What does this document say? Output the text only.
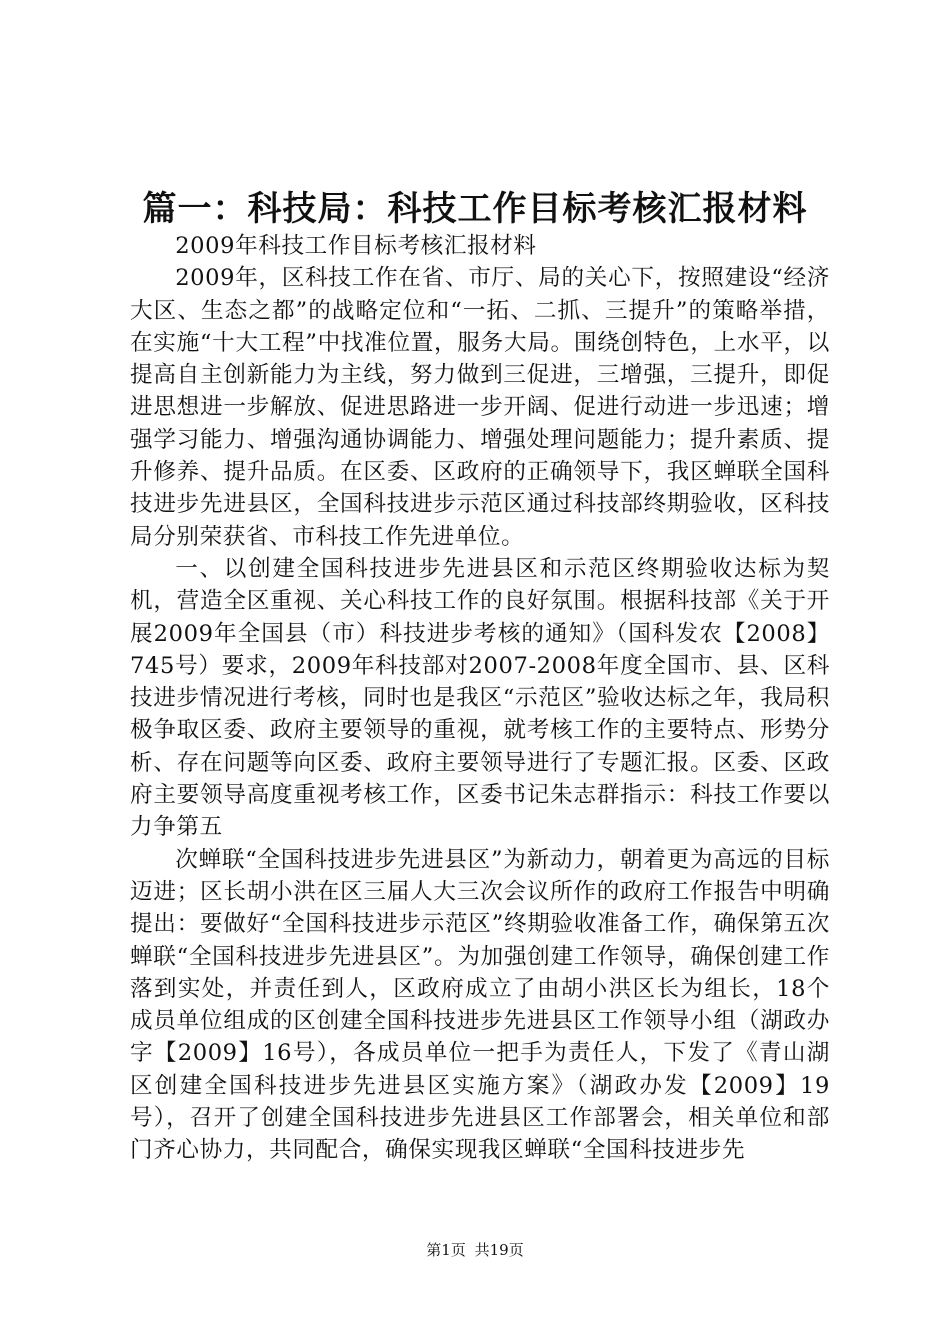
篇一：科技局：科技工作目标考核汇报材料

2009年科技工作目标考核汇报材料

2009年，区科技工作在省、市厅、局的关心下，按照建设“经济大区、生态之都”的战略定位和“一拓、二抓、三提升”的策略举措，在实施“十大工程”中找准位置，服务大局。围绕创特色，上水平，以提高自主创新能力为主线，努力做到三促进，三增强，三提升，即促进思想进一步解放、促进思路进一步开阔、促进行动进一步迅速；增强学习能力、增强沟通协调能力、增强处理问题能力；提升素质、提升修养、提升品质。在区委、区政府的正确领导下，我区蝉联全国科技进步先进县区，全国科技进步示范区通过科技部终期验收，区科技局分别荣获省、市科技工作先进单位。

一、以创建全国科技进步先进县区和示范区终期验收达标为契机，营造全区重视、关心科技工作的良好氛围。根据科技部《关于开展2009年全国县（市）科技进步考核的通知》（国科发农【2008】745号）要求，2009年科技部对2007-2008年度全国市、县、区科技进步情况进行考核，同时也是我区“示范区”验收达标之年，我局积极争取区委、政府主要领导的重视，就考核工作的主要特点、形势分析、存在问题等向区委、政府主要领导进行了专题汇报。区委、区政府主要领导高度重视考核工作，区委书记朱志群指示：科技工作要以力争第五

次蝉联“全国科技进步先进县区”为新动力，朝着更为高远的目标迈进；区长胡小洪在区三届人大三次会议所作的政府工作报告中明确提出：要做好“全国科技进步示范区”终期验收准备工作，确保第五次蝉联“全国科技进步先进县区”。为加强创建工作领导，确保创建工作落到实处，并责任到人，区政府成立了由胡小洪区长为组长，18个成员单位组成的区创建全国科技进步先进县区工作领导小组（湖政办字【2009】16号），各成员单位一把手为责任人，下发了《青山湖区创建全国科技进步先进县区实施方案》（湖政办发【2009】19号），召开了创建全国科技进步先进县区工作部署会，相关单位和部门齐心协力，共同配合，确保实现我区蝉联“全国科技进步先

第1页 共19页
